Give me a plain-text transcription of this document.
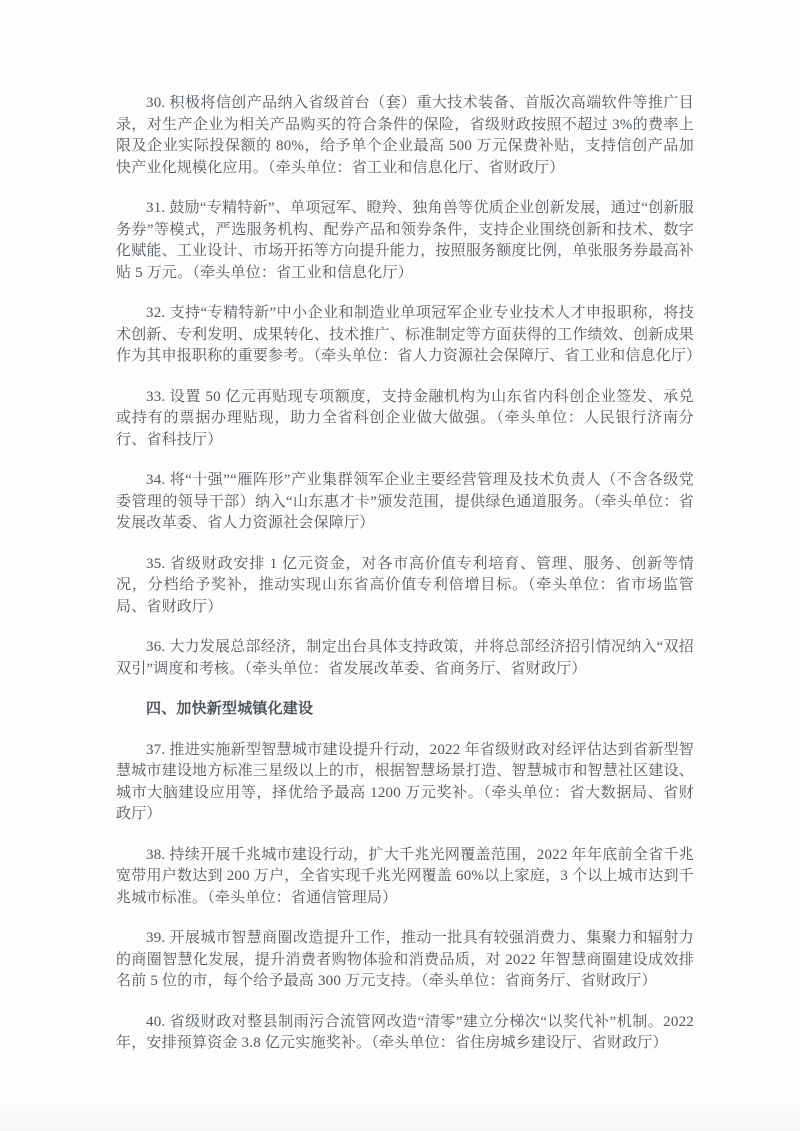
30. 积极将信创产品纳入省级首台（套）重大技术装备、首版次高端软件等推广目录，对生产企业为相关产品购买的符合条件的保险，省级财政按照不超过 3%的费率上限及企业实际投保额的 80%，给予单个企业最高 500 万元保费补贴，支持信创产品加快产业化规模化应用。（牵头单位：省工业和信息化厅、省财政厅）

31. 鼓励“专精特新”、单项冠军、瞪羚、独角兽等优质企业创新发展，通过“创新服务券”等模式，严选服务机构、配券产品和领券条件，支持企业围绕创新和技术、数字化赋能、工业设计、市场开拓等方向提升能力，按照服务额度比例，单张服务券最高补贴 5 万元。（牵头单位：省工业和信息化厅）

32. 支持“专精特新”中小企业和制造业单项冠军企业专业技术人才申报职称，将技术创新、专利发明、成果转化、技术推广、标准制定等方面获得的工作绩效、创新成果作为其申报职称的重要参考。（牵头单位：省人力资源社会保障厅、省工业和信息化厅）

33. 设置 50 亿元再贴现专项额度，支持金融机构为山东省内科创企业签发、承兑或持有的票据办理贴现，助力全省科创企业做大做强。（牵头单位：人民银行济南分行、省科技厅）

34. 将“十强”“雁阵形”产业集群领军企业主要经营管理及技术负责人（不含各级党委管理的领导干部）纳入“山东惠才卡”颁发范围，提供绿色通道服务。（牵头单位：省发展改革委、省人力资源社会保障厅）

35. 省级财政安排 1 亿元资金，对各市高价值专利培育、管理、服务、创新等情况，分档给予奖补，推动实现山东省高价值专利倍增目标。（牵头单位：省市场监管局、省财政厅）

36. 大力发展总部经济，制定出台具体支持政策，并将总部经济招引情况纳入“双招双引”调度和考核。（牵头单位：省发展改革委、省商务厅、省财政厅）

四、加快新型城镇化建设

37. 推进实施新型智慧城市建设提升行动，2022 年省级财政对经评估达到省新型智慧城市建设地方标准三星级以上的市，根据智慧场景打造、智慧城市和智慧社区建设、城市大脑建设应用等，择优给予最高 1200 万元奖补。（牵头单位：省大数据局、省财政厅）

38. 持续开展千兆城市建设行动，扩大千兆光网覆盖范围，2022 年年底前全省千兆宽带用户数达到 200 万户，全省实现千兆光网覆盖 60%以上家庭，3 个以上城市达到千兆城市标准。（牵头单位：省通信管理局）

39. 开展城市智慧商圈改造提升工作，推动一批具有较强消费力、集聚力和辐射力的商圈智慧化发展，提升消费者购物体验和消费品质，对 2022 年智慧商圈建设成效排名前 5 位的市，每个给予最高 300 万元支持。（牵头单位：省商务厅、省财政厅）

40. 省级财政对整县制雨污合流管网改造“清零”建立分梯次“以奖代补”机制。2022 年，安排预算资金 3.8 亿元实施奖补。（牵头单位：省住房城乡建设厅、省财政厅）
